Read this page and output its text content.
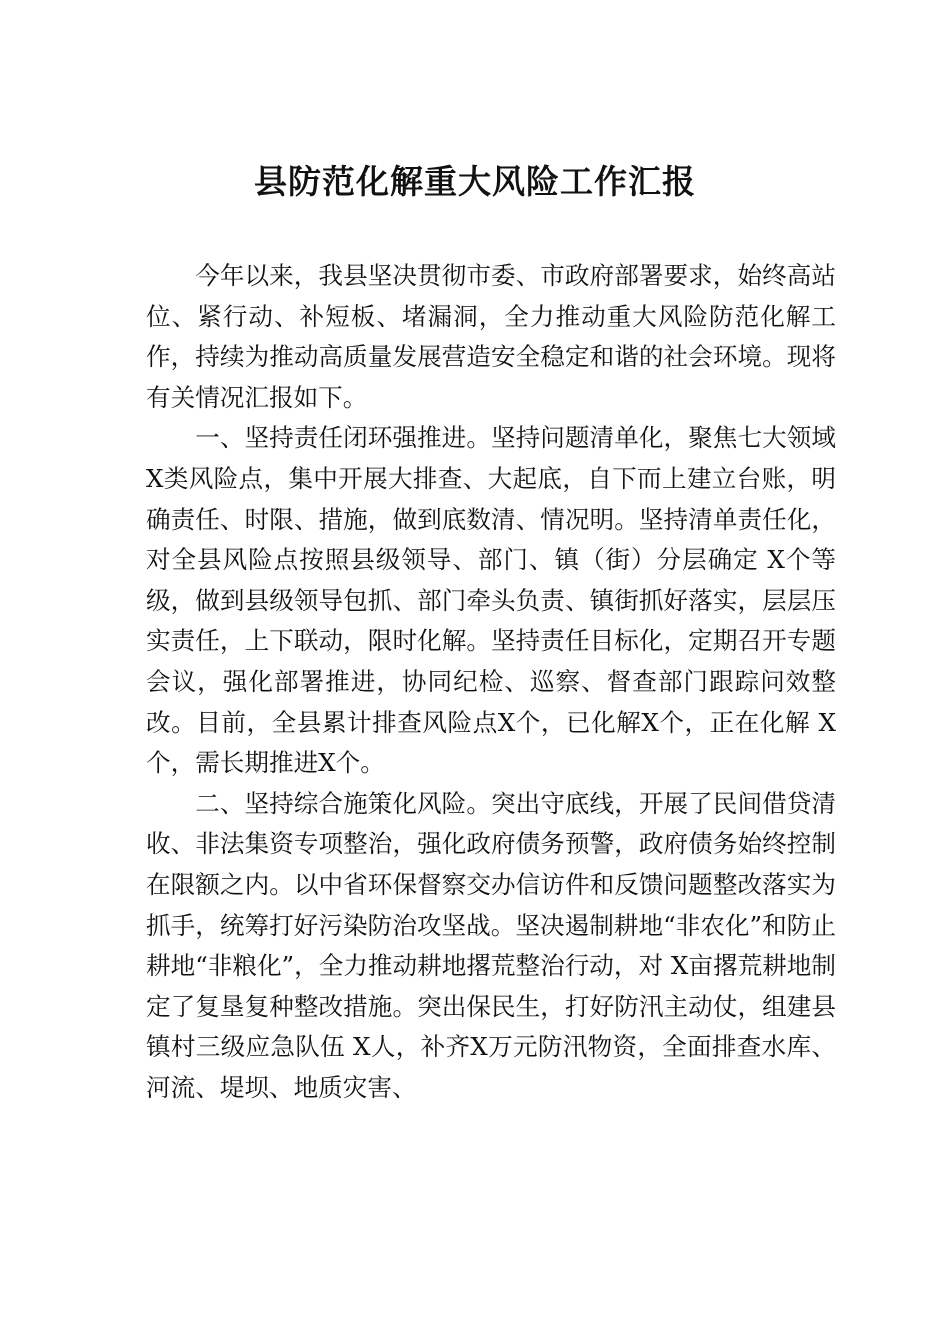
县防范化解重大风险工作汇报

今年以来，我县坚决贯彻市委、市政府部署要求，始终高站位、紧行动、补短板、堵漏洞，全力推动重大风险防范化解工作，持续为推动高质量发展营造安全稳定和谐的社会环境。现将有关情况汇报如下。

一、坚持责任闭环强推进。坚持问题清单化，聚焦七大领域 X类风险点，集中开展大排查、大起底，自下而上建立台账，明确责任、时限、措施，做到底数清、情况明。坚持清单责任化，对全县风险点按照县级领导、部门、镇（街）分层确定 X个等级，做到县级领导包抓、部门牵头负责、镇街抓好落实，层层压实责任，上下联动，限时化解。坚持责任目标化，定期召开专题会议，强化部署推进，协同纪检、巡察、督查部门跟踪问效整改。目前，全县累计排查风险点X个，已化解X个，正在化解 X个，需长期推进X个。

二、坚持综合施策化风险。突出守底线，开展了民间借贷清收、非法集资专项整治，强化政府债务预警，政府债务始终控制在限额之内。以中省环保督察交办信访件和反馈问题整改落实为抓手，统筹打好污染防治攻坚战。坚决遏制耕地“非农化”和防止耕地“非粮化”，全力推动耕地撂荒整治行动，对 X亩撂荒耕地制定了复垦复种整改措施。突出保民生，打好防汛主动仗，组建县镇村三级应急队伍 X人，补齐X万元防汛物资，全面排查水库、河流、堤坝、地质灾害、
